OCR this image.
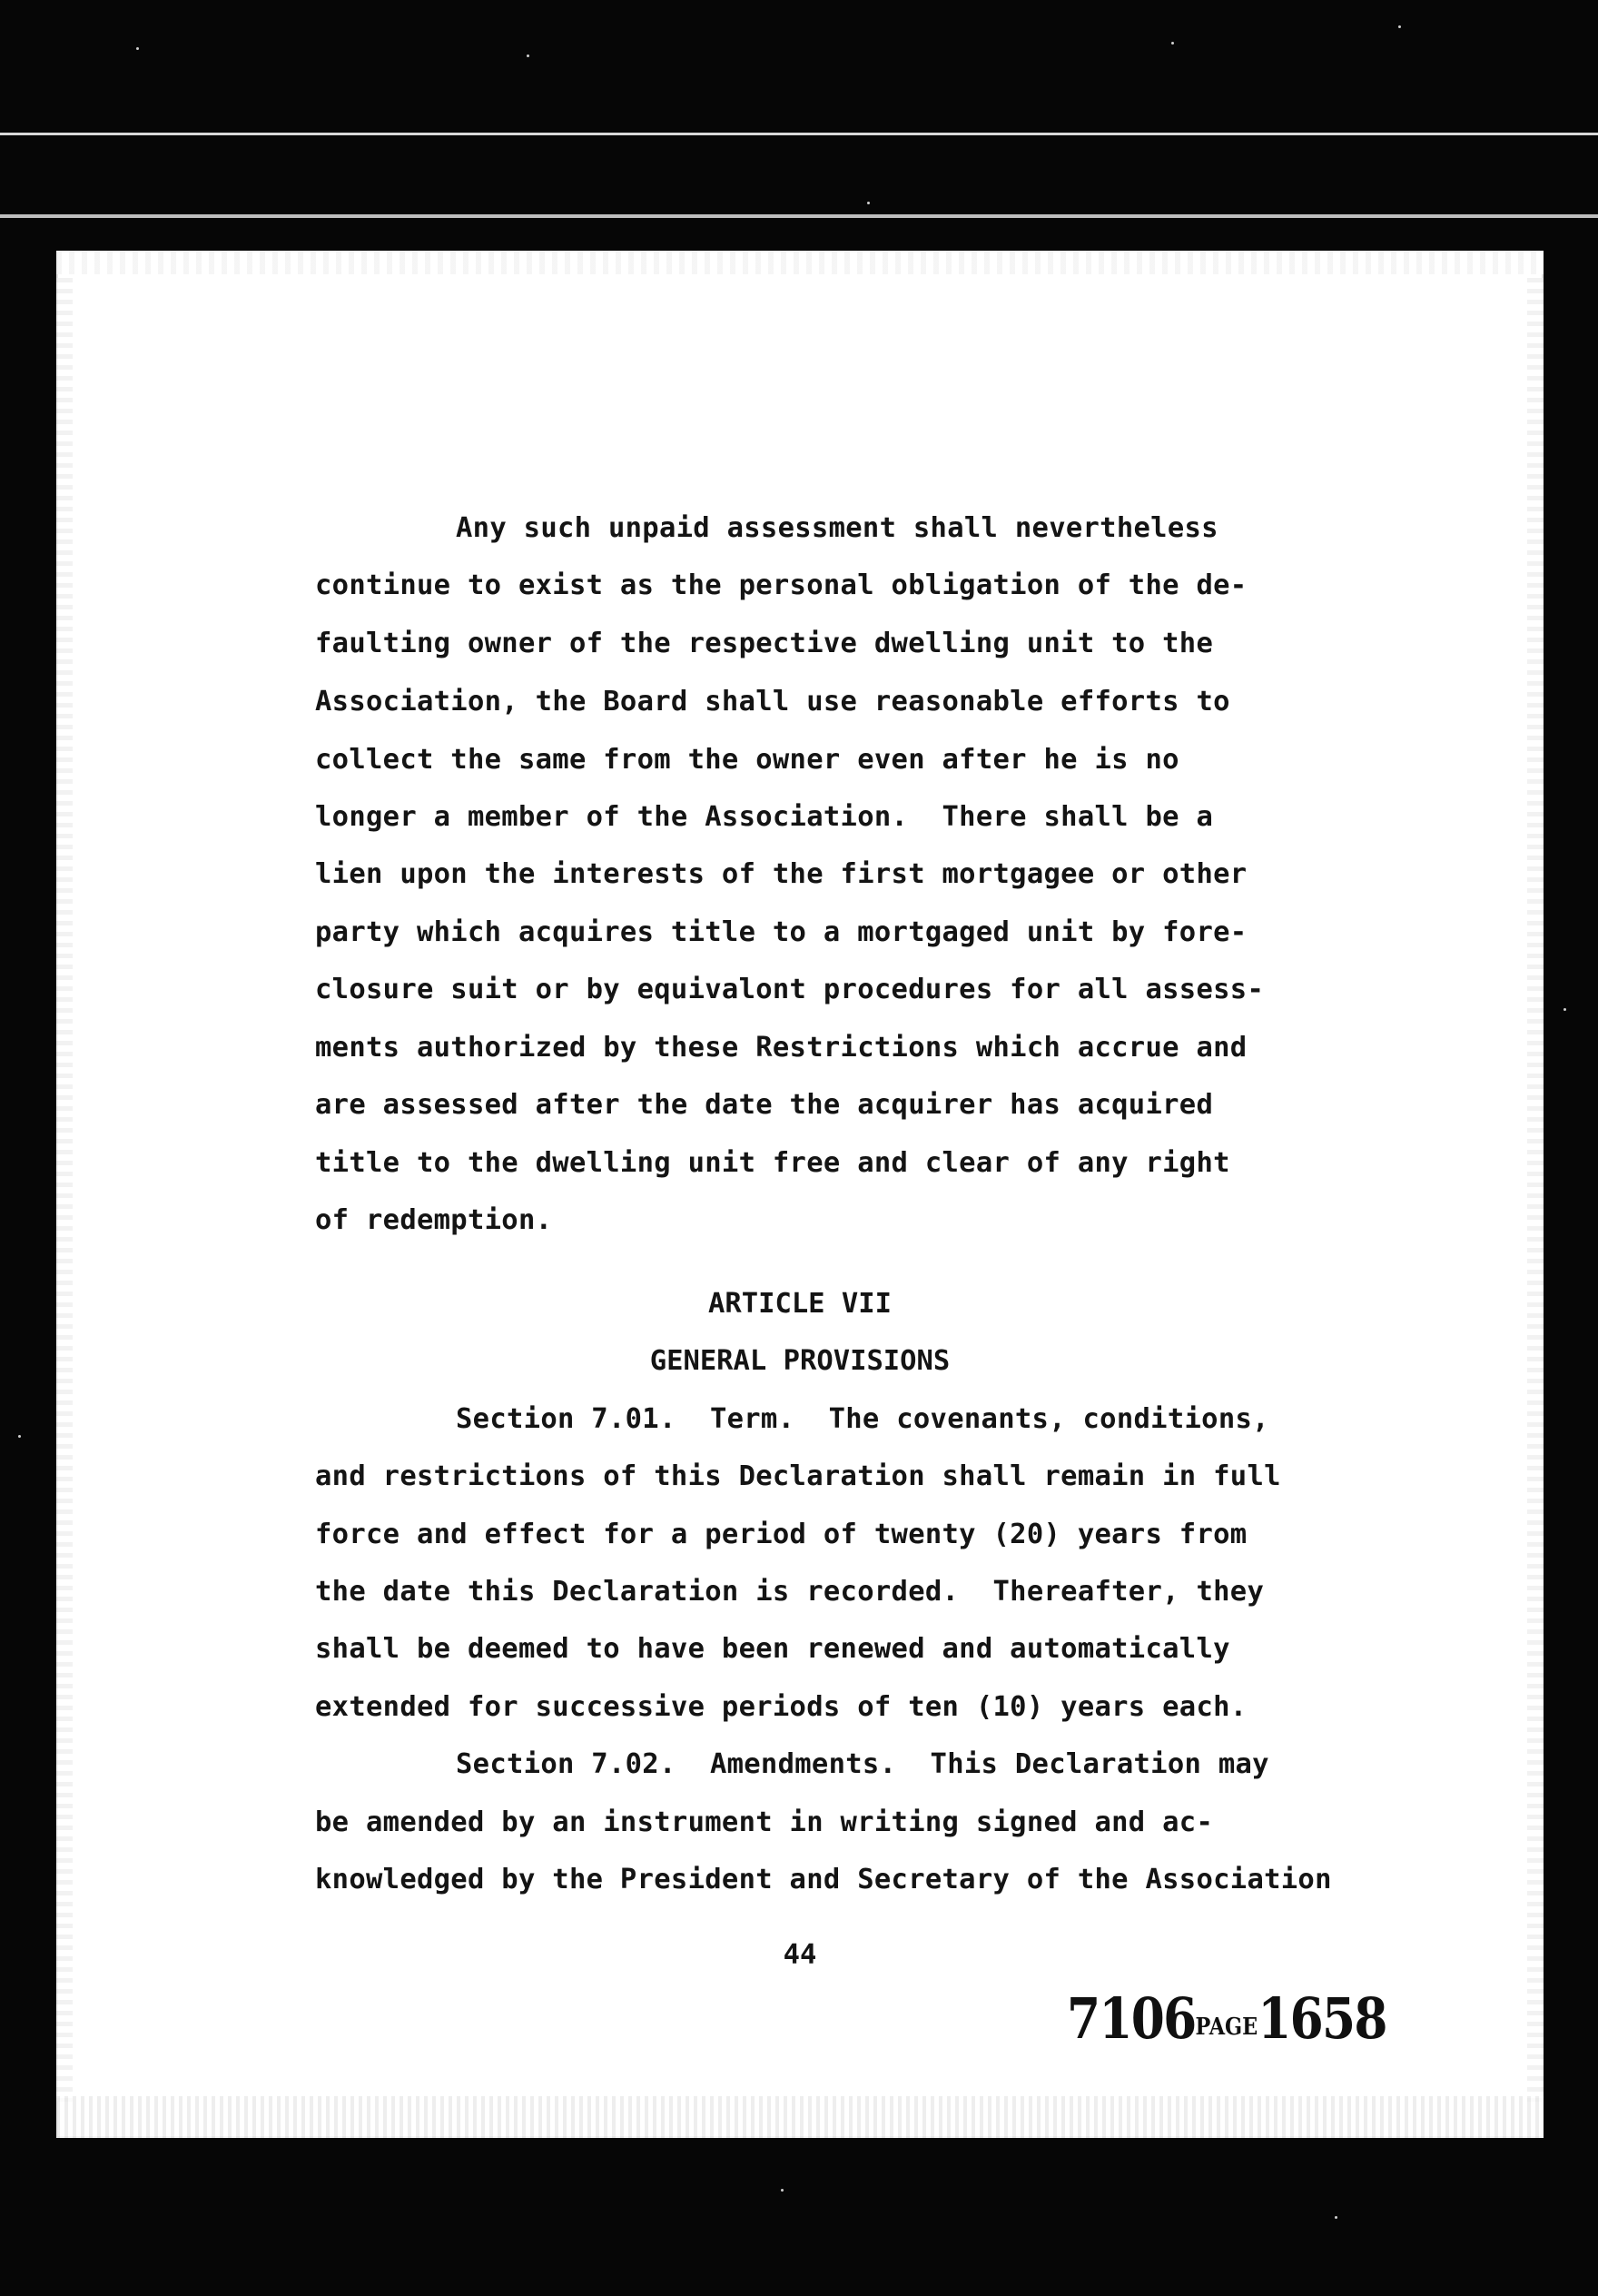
Any such unpaid assessment shall nevertheless

continue to exist as the personal obligation of the de-

faulting owner of the respective dwelling unit to the

Association, the Board shall use reasonable efforts to

collect the same from the owner even after he is no

longer a member of the Association.  There shall be a

lien upon the interests of the first mortgagee or other

party which acquires title to a mortgaged unit by fore-

closure suit or by equivalont procedures for all assess-

ments authorized by these Restrictions which accrue and

are assessed after the date the acquirer has acquired

title to the dwelling unit free and clear of any right

of redemption.

ARTICLE VII

GENERAL PROVISIONS

Section 7.01.  Term.  The covenants, conditions,

and restrictions of this Declaration shall remain in full

force and effect for a period of twenty (20) years from

the date this Declaration is recorded.  Thereafter, they

shall be deemed to have been renewed and automatically

extended for successive periods of ten (10) years each.

Section 7.02.  Amendments.  This Declaration may

be amended by an instrument in writing signed and ac-

knowledged by the President and Secretary of the Association

44
7106PAGE1658
